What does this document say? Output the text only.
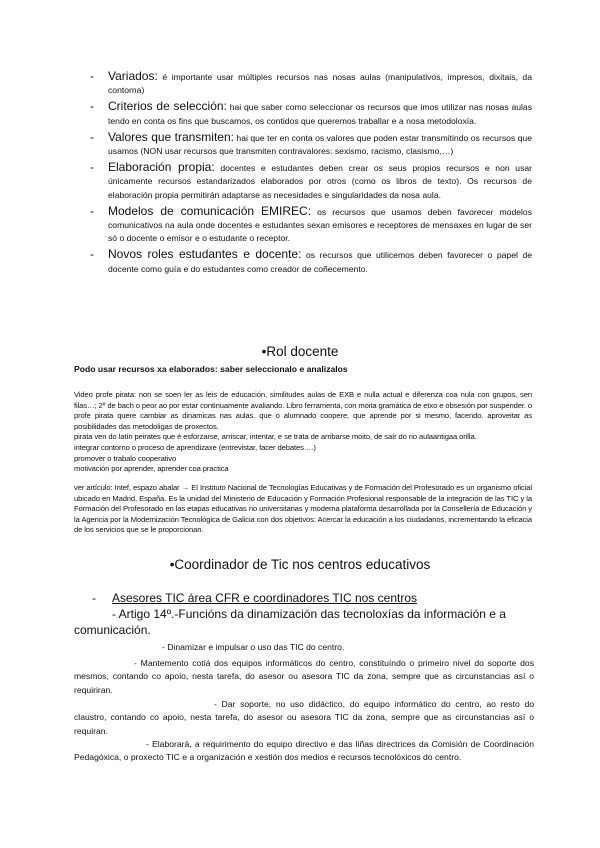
- Variados: é importante usar múltiples recursos nas nosas aulas (manipulativos, impresos, dixitais, da contorna)
- Criterios de selección: hai que saber como seleccionar os recursos que imos utilizar nas nosas aulas tendo en conta os fins que buscamos, os contidos que queremos traballar e a nosa metodoloxía.
- Valores que transmiten: hai que ter en conta os valores que poden estar transmitindo os recursos que usamos (NON usar recursos que transmiten contravalores: sexismo, racismo, clasismo,…)
- Elaboración propia: docentes e estudantes deben crear os seus propios recursos e non usar únicamente recursos estandarizados elaborados por otros (como os libros de texto). Os recursos de elaboración propia permitirán adaptarse as necesidades e singularidades da nosa aula.
- Modelos de comunicación EMIREC: os recursos que usamos deben favorecer modelos comunicativos na aula onde docentes e estudantes sexan emisores e receptores de mensaxes en lugar de ser só o docente o emisor e o estudante o receptor.
- Novos roles estudantes e docente: os recursos que utilicemos deben favorecer o papel de docente como guía e do estudantes como creador de coñecemento.
•Rol docente
Podo usar recursos xa elaborados: saber seleccionalo e analizalos

Video profe pirata: non se soen ler as leis de educación, similitudes aulas de EXB e nulla actual e diferenza coa nula con grupos, sen filas…; 2º de bach o peor ao por estar continuamente avaliando. Libro ferramenta, con moita gramática de etxo e obsesión por suspender. o profe pirata quere cambiar as dinamicas nas aulas. que o alumnado coopere, que aprende por si mesmo, facendo. aproveitar as posibilidades das metodoligas de proxectos.

pirata ven do latín peirates que é esforzarse, arriscar, intentar, e se trata de arribarse moito, de saír do rio aulaantigaa orilla.

integrar contorno o proceso de aprendizaxe (entrevistar, facer debates….)

promover o trabalo cooperativo

motivación por aprender, aprender coa practica

ver artículo: Intef, espazo abalar → El Instituto Nacional de Tecnologías Educativas y de Formación del Profesorado es un organismo oficial ubicado en Madrid, España. Es la unidad del Ministerio de Educación y Formación Profesional responsable de la integración de las TIC y la Formación del Profesorado en las etapas educativas no universitarias y moderna plataforma desarrollada por la Consellería de Educación y la Agencia por la Modernización Tecnológica de Galicia con dos objetivos: Acercar la educación a los ciudadanos, incrementando la eficacia de los servicios que se le proporcionan.

•Coordinador de Tic nos centros educativos
- Asesores TIC área CFR e coordinadores TIC nos centros
- Artigo 14º.-Funcións da dinamización das tecnoloxías da información e a comunicación.
- Dinamizar e impulsar o uso das TIC do centro.
- Mantemento cotiá dos equipos informáticos do centro, constituíndo o primeiro nivel do soporte dos mesmos, contando co apoio, nesta tarefa, do asesor ou asesora TIC da zona, sempre que as circunstancias así o requiriran.
- Dar soporte, no uso didáctico, do equipo informático do centro, ao resto do claustro, contando co apoio, nesta tarefa, do asesor ou asesora TIC da zona, sempre que as circunstancias así o requiran.
- Elaborará, a requirimento do equipo directivo e das liñas directrices da Comisión de Coordinación Pedagóxica, o proxecto TIC e a organización e xestión dos medios e recursos tecnolóxicos do centro.
